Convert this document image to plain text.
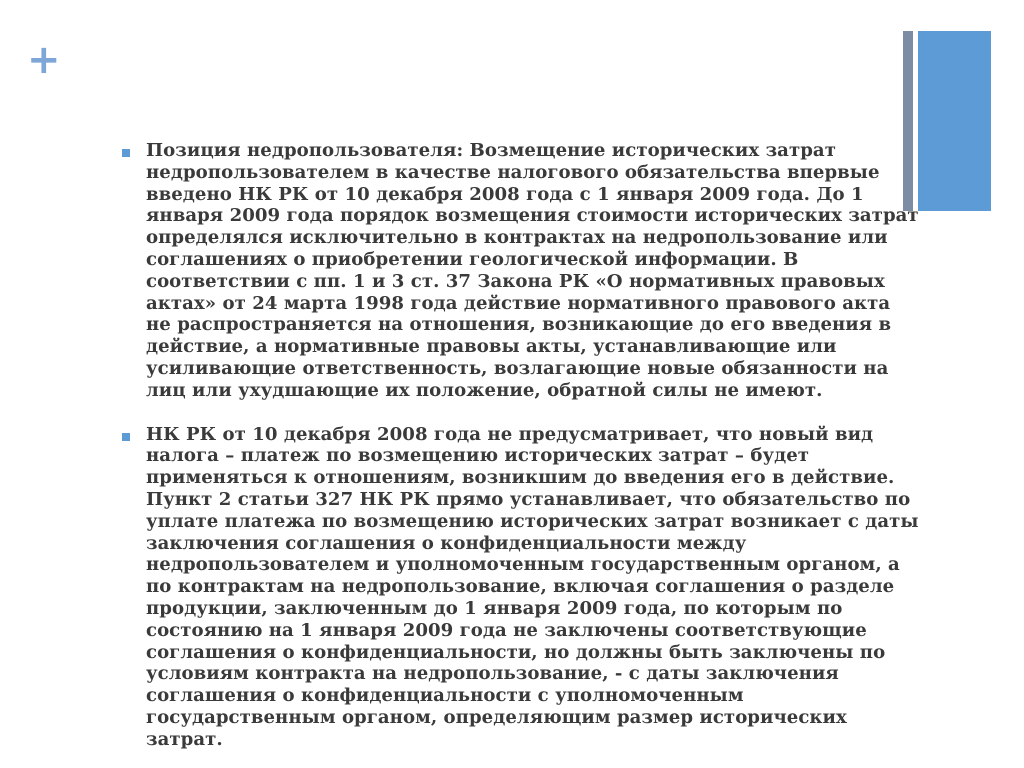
+
Позиция недропользователя: Возмещение исторических затрат недропользователем в качестве налогового обязательства впервые введено НК РК от 10 декабря 2008 года с 1 января 2009 года. До 1 января 2009 года порядок возмещения стоимости исторических затрат определялся исключительно в контрактах на недропользование или соглашениях о приобретении геологической информации. В соответствии с пп. 1 и 3 ст. 37 Закона РК «О нормативных правовых актах» от 24 марта 1998 года действие нормативного правового акта не распространяется на отношения, возникающие до его введения в действие, а нормативные правовы акты, устанавливающие или усиливающие ответственность, возлагающие новые обязанности на лиц или ухудшающие их положение, обратной силы не имеют.
НК РК от 10 декабря 2008 года не предусматривает, что новый вид налога – платеж по возмещению исторических затрат – будет применяться к отношениям, возникшим до введения его в действие. Пункт 2 статьи 327 НК РК прямо устанавливает, что обязательство по уплате платежа по возмещению исторических затрат возникает с даты заключения соглашения о конфиденциальности между недропользователем и уполномоченным государственным органом, а по контрактам на недропользование, включая соглашения о разделе продукции, заключенным до 1 января 2009 года, по которым по состоянию на 1 января 2009 года не заключены соответствующие соглашения о конфиденциальности, но должны быть заключены по условиям контракта на недропользование, - с даты заключения соглашения о конфиденциальности с уполномоченным государственным органом, определяющим размер исторических затрат.
